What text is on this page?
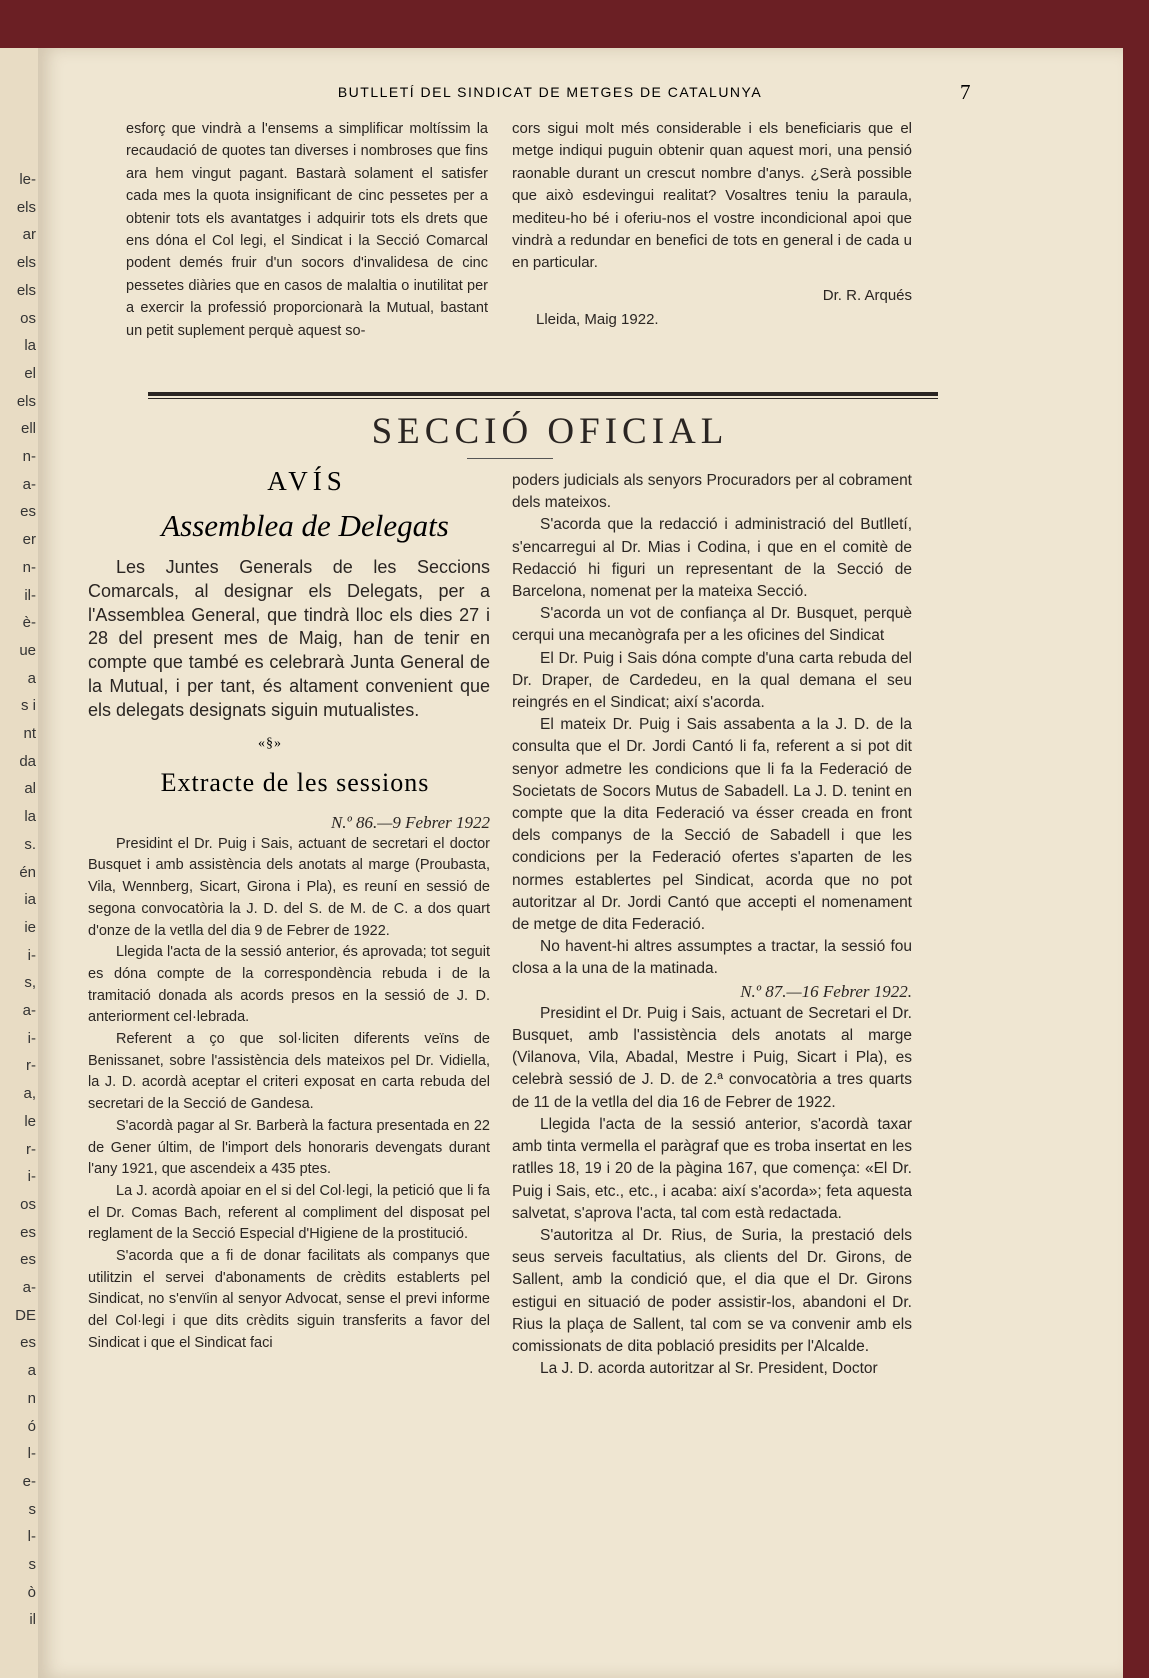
le-
els
ar
els
els
os
la
el
els
ell
n-
a-
es
er
n-
il-
è-
ue
a
s i
nt
da
al
la
s.
én
ia
ie
i-
s,
a-
i-
r-
a,
le
r-
i-
os
es
es
a-
DE
es
a
n
ó
l-
e-
s
l-
s
ò
il
BUTLLETÍ DEL SINDICAT DE METGES DE CATALUNYA	7

esforç que vindrà a l'ensems a simplificar moltíssim la recaudació de quotes tan diverses i nombroses que fins ara hem vingut pagant. Bastarà solament el satisfer cada mes la quota insignificant de cinc pessetes per a obtenir tots els avantatges i adquirir tots els drets que ens dóna el Col legi, el Sindicat i la Secció Comarcal podent demés fruir d'un socors d'invalidesa de cinc pessetes diàries que en casos de malaltia o inutilitat per a exercir la professió proporcionarà la Mutual, bastant un petit suplement perquè aquest so-

cors sigui molt més considerable i els beneficiaris que el metge indiqui puguin obtenir quan aquest mori, una pensió raonable durant un crescut nombre d'anys. ¿Serà possible que això esdevingui realitat? Vosaltres teniu la paraula, mediteu-ho bé i oferiu-nos el vostre incondicional apoi que vindrà a redundar en benefici de tots en general i de cada u en particular.

Dr. R. Arqués
Lleida, Maig 1922.
SECCIÓ OFICIAL
AVÍS
Assemblea de Delegats

Les Juntes Generals de les Seccions Comarcals, al designar els Delegats, per a l'Assemblea General, que tindrà lloc els dies 27 i 28 del present mes de Maig, han de tenir en compte que també es celebrarà Junta General de la Mutual, i per tant, és altament convenient que els delegats designats siguin mutualistes.

«§»
Extracte de les sessions
N.º 86.—9 Febrer 1922

Presidint el Dr. Puig i Sais, actuant de secretari el doctor Busquet i amb assistència dels anotats al marge (Proubasta, Vila, Wennberg, Sicart, Girona i Pla), es reuní en sessió de segona convocatòria la J. D. del S. de M. de C. a dos quart d'onze de la vetlla del dia 9 de Febrer de 1922.

Llegida l'acta de la sessió anterior, és aprovada; tot seguit es dóna compte de la correspondència rebuda i de la tramitació donada als acords presos en la sessió de J. D. anteriorment cel·lebrada.

Referent a ço que sol·liciten diferents veïns de Benissanet, sobre l'assistència dels mateixos pel Dr. Vidiella, la J. D. acordà aceptar el criteri exposat en carta rebuda del secretari de la Secció de Gandesa.

S'acordà pagar al Sr. Barberà la factura presentada en 22 de Gener últim, de l'import dels honoraris devengats durant l'any 1921, que ascendeix a 435 ptes.

La J. acordà apoiar en el si del Col·legi, la petició que li fa el Dr. Comas Bach, referent al compliment del disposat pel reglament de la Secció Especial d'Higiene de la prostitució.

S'acorda que a fi de donar facilitats als companys que utilitzin el servei d'abonaments de crèdits establerts pel Sindicat, no s'envïin al senyor Advocat, sense el previ informe del Col·legi i que dits crèdits siguin transferits a favor del Sindicat i que el Sindicat faci

poders judicials als senyors Procuradors per al cobrament dels mateixos.

S'acorda que la redacció i administració del Butlletí, s'encarregui al Dr. Mias i Codina, i que en el comitè de Redacció hi figuri un representant de la Secció de Barcelona, nomenat per la mateixa Secció.

S'acorda un vot de confiança al Dr. Busquet, perquè cerqui una mecanògrafa per a les oficines del Sindicat

El Dr. Puig i Sais dóna compte d'una carta rebuda del Dr. Draper, de Cardedeu, en la qual demana el seu reingrés en el Sindicat; així s'acorda.

El mateix Dr. Puig i Sais assabenta a la J. D. de la consulta que el Dr. Jordi Cantó li fa, referent a si pot dit senyor admetre les condicions que li fa la Federació de Societats de Socors Mutus de Sabadell. La J. D. tenint en compte que la dita Federació va ésser creada en front dels companys de la Secció de Sabadell i que les condicions per la Federació ofertes s'aparten de les normes establertes pel Sindicat, acorda que no pot autoritzar al Dr. Jordi Cantó que accepti el nomenament de metge de dita Federació.

No havent-hi altres assumptes a tractar, la sessió fou closa a la una de la matinada.

N.º 87.—16 Febrer 1922.

Presidint el Dr. Puig i Sais, actuant de Secretari el Dr. Busquet, amb l'assistència dels anotats al marge (Vilanova, Vila, Abadal, Mestre i Puig, Sicart i Pla), es celebrà sessió de J. D. de 2.ª convocatòria a tres quarts de 11 de la vetlla del dia 16 de Febrer de 1922.

Llegida l'acta de la sessió anterior, s'acordà taxar amb tinta vermella el paràgraf que es troba insertat en les ratlles 18, 19 i 20 de la pàgina 167, que comença: «El Dr. Puig i Sais, etc., etc., i acaba: així s'acorda»; feta aquesta salvetat, s'aprova l'acta, tal com està redactada.

S'autoritza al Dr. Rius, de Suria, la prestació dels seus serveis facultatius, als clients del Dr. Girons, de Sallent, amb la condició que, el dia que el Dr. Girons estigui en situació de poder assistir-los, abandoni el Dr. Rius la plaça de Sallent, tal com se va convenir amb els comissionats de dita població presidits per l'Alcalde.

La J. D. acorda autoritzar al Sr. President, Doctor
